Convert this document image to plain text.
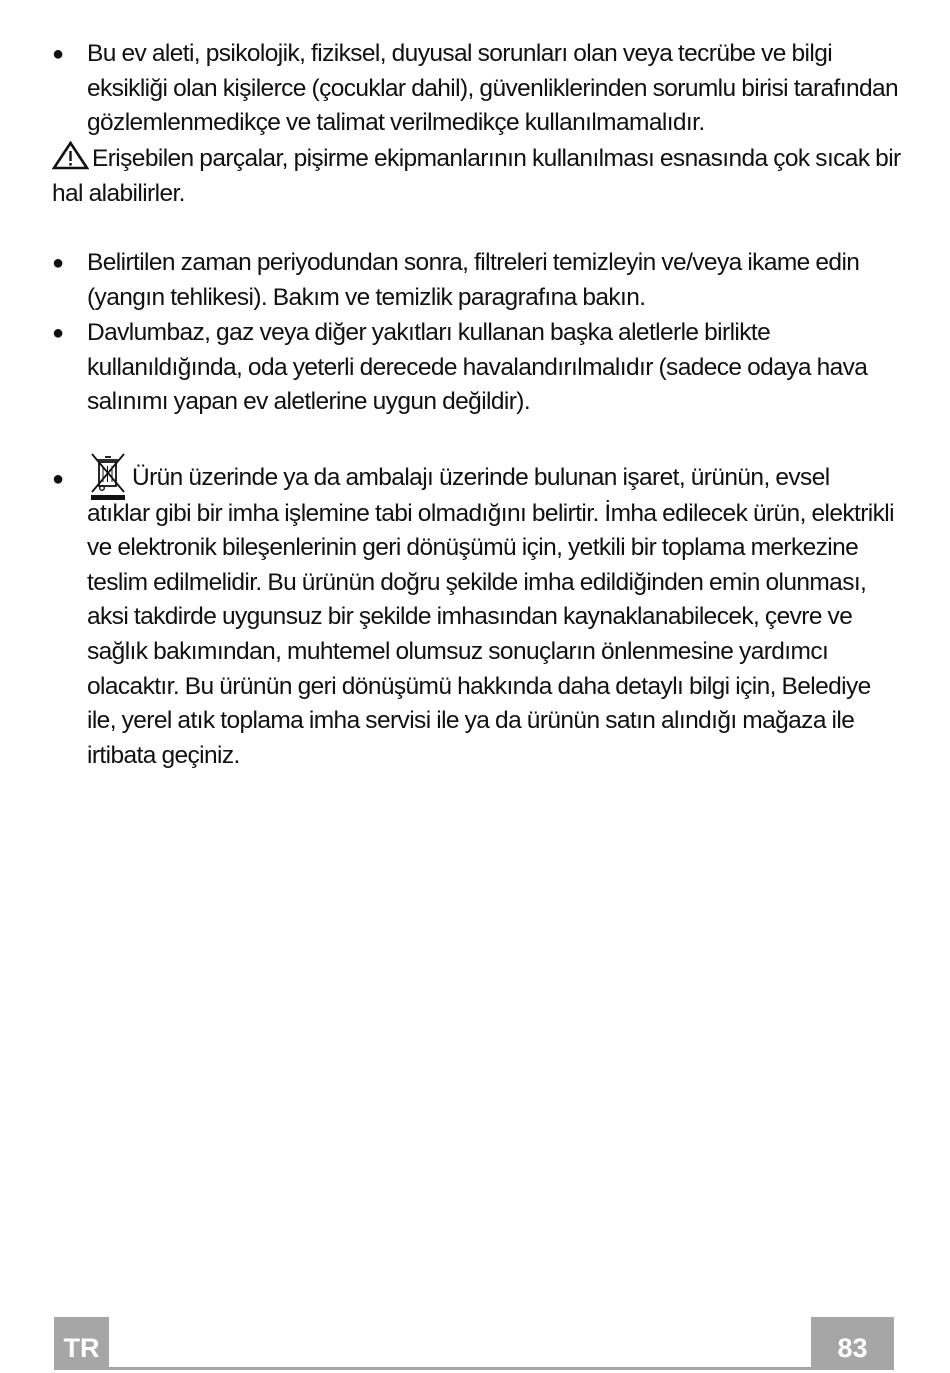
● Bu ev aleti, psikolojik, fiziksel, duyusal sorunları olan veya tecrübe ve bilgi eksikliği olan kişilerce (çocuklar dahil), güvenliklerinden sorumlu birisi tarafından gözlemlenmedikçe ve talimat verilmedikçe kullanılmamalıdır.
Erişebilen parçalar, pişirme ekipmanlarının kullanılması esnasında çok sıcak bir hal alabilirler.
● Belirtilen zaman periyodundan sonra, filtreleri temizleyin ve/veya ikame edin (yangın tehlikesi). Bakım ve temizlik paragrafına bakın.
● Davlumbaz, gaz veya diğer yakıtları kullanan başka aletlerle birlikte kullanıldığında, oda yeterli derecede havalandırılmalıdır (sadece odaya hava salınımı yapan ev aletlerine uygun değildir).
●	Ürün üzerinde ya da ambalajı üzerinde bulunan işaret, ürünün, evsel
atıklar gibi bir imha işlemine tabi olmadığını belirtir. İmha edilecek ürün, elektrikli ve elektronik bileşenlerinin geri dönüşümü için, yetkili bir toplama merkezine teslim edilmelidir. Bu ürünün doğru şekilde imha edildiğinden emin olunması, aksi takdirde uygunsuz bir şekilde imhasından kaynaklanabilecek, çevre ve sağlık bakımından, muhtemel olumsuz sonuçların önlenmesine yardımcı olacaktır. Bu ürünün geri dönüşümü hakkında daha detaylı bilgi için, Belediye ile, yerel atık toplama imha servisi ile ya da ürünün satın alındığı mağaza ile irtibata geçiniz.
TR	83
